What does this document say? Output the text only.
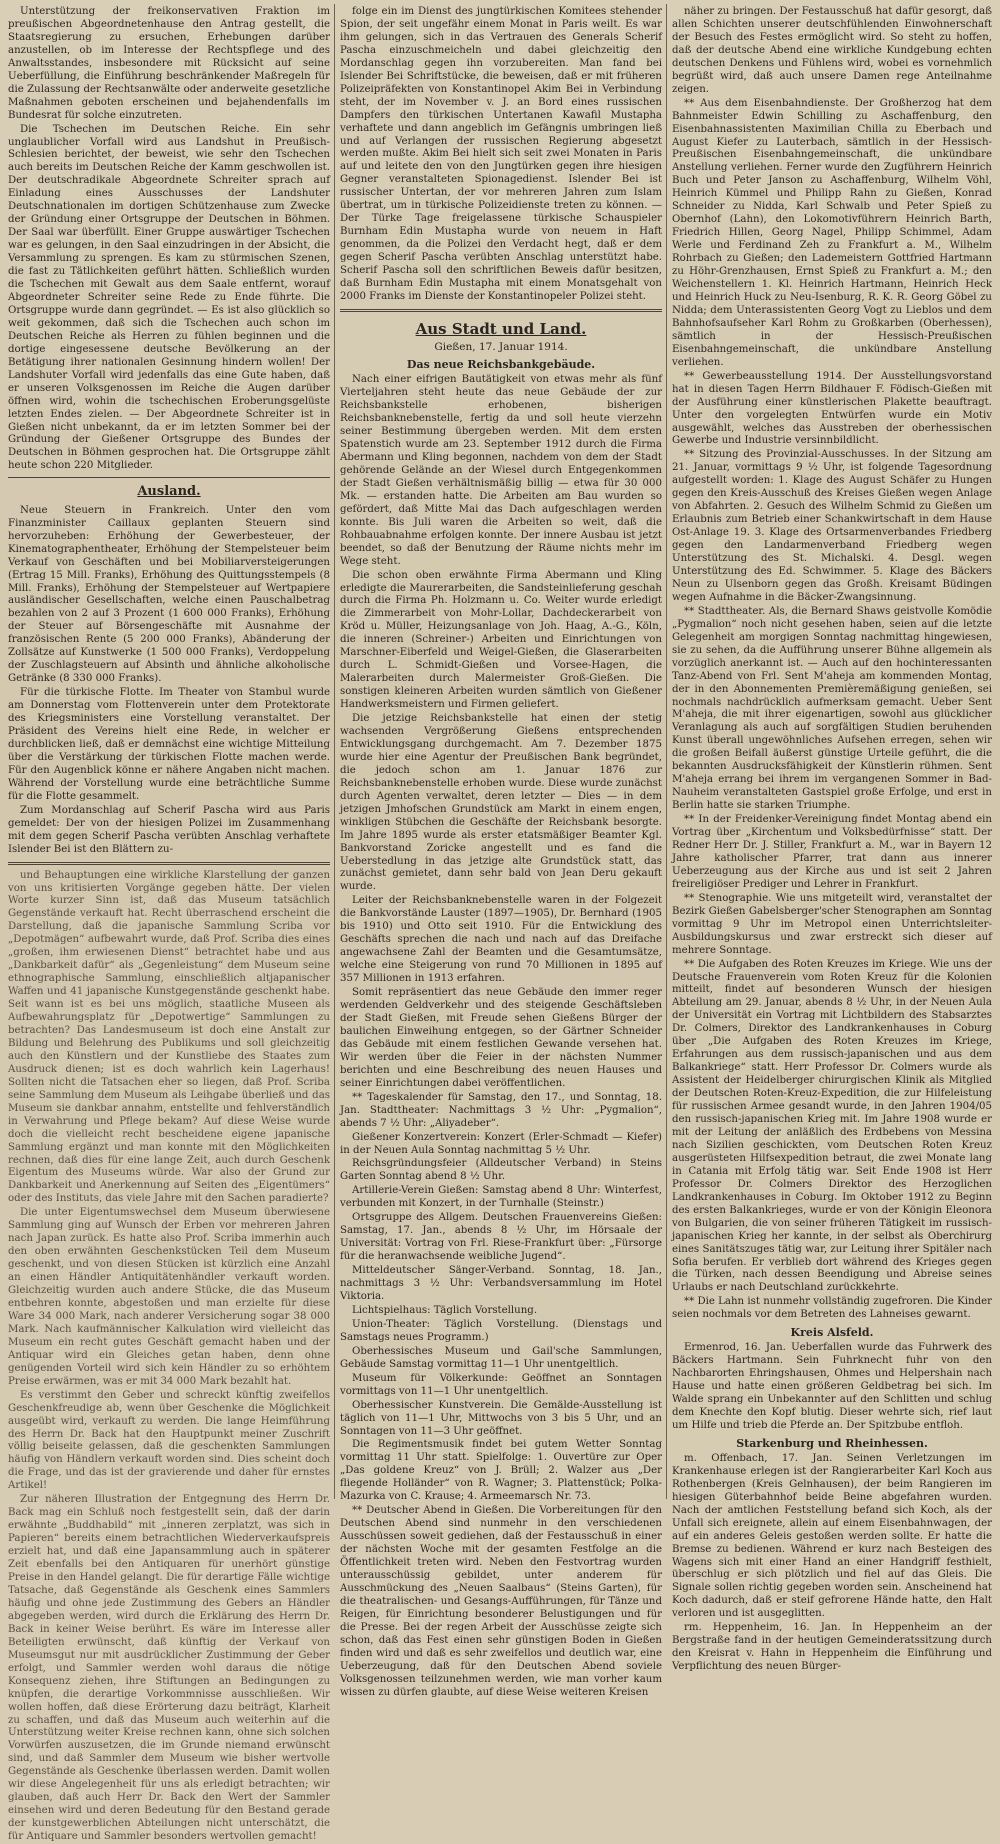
Unterstützung der freikonservativen Fraktion im preußischen Abgeordnetenhause den Antrag gestellt, die Staatsregierung zu ersuchen, Erhebungen darüber anzustellen, ob im Interesse der Rechtspflege und des Anwaltsstandes, insbesondere mit Rücksicht auf seine Ueberfüllung, die Einführung beschränkender Maßregeln für die Zulassung der Rechtsanwälte oder anderweite gesetzliche Maßnahmen geboten erscheinen und bejahendenfalls im Bundesrat für solche einzutreten.

Die Tschechen im Deutschen Reiche. Ein sehr unglaublicher Vorfall wird aus Landshut in Preußisch-Schlesien berichtet, der beweist, wie sehr den Tschechen auch bereits im Deutschen Reiche der Kamm geschwollen ist. Der deutschradikale Abgeordnete Schreiter sprach auf Einladung eines Ausschusses der Landshuter Deutschnationalen im dortigen Schützenhause zum Zwecke der Gründung einer Ortsgruppe der Deutschen in Böhmen. Der Saal war überfüllt. Einer Gruppe auswärtiger Tschechen war es gelungen, in den Saal einzudringen in der Absicht, die Versammlung zu sprengen. Es kam zu stürmischen Szenen, die fast zu Tätlichkeiten geführt hätten. Schließlich wurden die Tschechen mit Gewalt aus dem Saale entfernt, worauf Abgeordneter Schreiter seine Rede zu Ende führte. Die Ortsgruppe wurde dann gegründet. — Es ist also glücklich so weit gekommen, daß sich die Tschechen auch schon im Deutschen Reiche als Herren zu fühlen beginnen und die dortige eingesessene deutsche Bevölkerung an der Betätigung ihrer nationalen Gesinnung hindern wollen! Der Landshuter Vorfall wird jedenfalls das eine Gute haben, daß er unseren Volksgenossen im Reiche die Augen darüber öffnen wird, wohin die tschechischen Eroberungsgelüste letzten Endes zielen. — Der Abgeordnete Schreiter ist in Gießen nicht unbekannt, da er im letzten Sommer bei der Gründung der Gießener Ortsgruppe des Bundes der Deutschen in Böhmen gesprochen hat. Die Ortsgruppe zählt heute schon 220 Mitglieder.

Ausland.

Neue Steuern in Frankreich. Unter den vom Finanzminister Caillaux geplanten Steuern sind hervorzuheben: Erhöhung der Gewerbesteuer, der Kinematographentheater, Erhöhung der Stempelsteuer beim Verkauf von Geschäften und bei Mobiliarversteigerungen (Ertrag 15 Mill. Franks), Erhöhung des Quittungsstempels (8 Mill. Franks), Erhöhung der Stempelsteuer auf Wertpapiere ausländischer Gesellschaften, welche einen Pauschalbetrag bezahlen von 2 auf 3 Prozent (1 600 000 Franks), Erhöhung der Steuer auf Börsengeschäfte mit Ausnahme der französischen Rente (5 200 000 Franks), Abänderung der Zollsätze auf Kunstwerke (1 500 000 Franks), Verdoppelung der Zuschlagsteuern auf Absinth und ähnliche alkoholische Getränke (8 330 000 Franks).

Für die türkische Flotte. Im Theater von Stambul wurde am Donnerstag vom Flottenverein unter dem Protektorate des Kriegsministers eine Vorstellung veranstaltet. Der Präsident des Vereins hielt eine Rede, in welcher er durchblicken ließ, daß er demnächst eine wichtige Mitteilung über die Verstärkung der türkischen Flotte machen werde. Für den Augenblick könne er nähere Angaben nicht machen. Während der Vorstellung wurde eine beträchtliche Summe für die Flotte gesammelt.

Zum Mordanschlag auf Scherif Pascha wird aus Paris gemeldet: Der von der hiesigen Polizei im Zusammenhang mit dem gegen Scherif Pascha verübten Anschlag verhaftete Islender Bei ist den Blättern zu-

und Behauptungen eine wirkliche Klarstellung der ganzen von uns kritisierten Vorgänge gegeben hätte. Der vielen Worte kurzer Sinn ist, daß das Museum tatsächlich Gegenstände verkauft hat. Recht überraschend erscheint die Darstellung, daß die japanische Sammlung Scriba vor „Depotmägen“ aufbewahrt wurde, daß Prof. Scriba dies eines „großen, ihm erwiesenen Dienst“ betrachtet habe und aus „Dankbarkeit dafür“ als „Gegenleistung“ dem Museum seine ethnographische Sammlung, einschließlich altjapanischer Waffen und 41 japanische Kunstgegenstände geschenkt habe. Seit wann ist es bei uns möglich, staatliche Museen als Aufbewahrungsplatz für „Depotwertige“ Sammlungen zu betrachten? Das Landesmuseum ist doch eine Anstalt zur Bildung und Belehrung des Publikums und soll gleichzeitig auch den Künstlern und der Kunstliebe des Staates zum Ausdruck dienen; ist es doch wahrlich kein Lagerhaus! Sollten nicht die Tatsachen eher so liegen, daß Prof. Scriba seine Sammlung dem Museum als Leihgabe überließ und das Museum sie dankbar annahm, entstellte und fehlverständlich in Verwahrung und Pflege bekam? Auf diese Weise wurde doch die vielleicht recht bescheidene eigene japanische Sammlung ergänzt und man konnte mit den Möglichkeiten rechnen, daß dies für eine lange Zeit, auch durch Geschenk Eigentum des Museums würde. War also der Grund zur Dankbarkeit und Anerkennung auf Seiten des „Eigentümers“ oder des Instituts, das viele Jahre mit den Sachen paradierte?

Die unter Eigentumswechsel dem Museum überwiesene Sammlung ging auf Wunsch der Erben vor mehreren Jahren nach Japan zurück. Es hatte also Prof. Scriba immerhin auch den oben erwähnten Geschenkstücken Teil dem Museum geschenkt, und von diesen Stücken ist kürzlich eine Anzahl an einen Händler Antiquitätenhändler verkauft worden. Gleichzeitig wurden auch andere Stücke, die das Museum entbehren konnte, abgestoßen und man erzielte für diese Ware 34 000 Mark, nach anderer Versicherung sogar 38 000 Mark. Nach kaufmännischer Kalkulation wird vielleicht das Museum ein recht gutes Geschäft gemacht haben und der Antiquar wird ein Gleiches getan haben, denn ohne genügenden Vorteil wird sich kein Händler zu so erhöhtem Preise erwärmen, was er mit 34 000 Mark bezahlt hat.

Es verstimmt den Geber und schreckt künftig zweifellos Geschenkfreudige ab, wenn über Geschenke die Möglichkeit ausgeübt wird, verkauft zu werden. Die lange Heimführung des Herrn Dr. Back hat den Hauptpunkt meiner Zuschrift völlig beiseite gelassen, daß die geschenkten Sammlungen häufig von Händlern verkauft worden sind. Dies scheint doch die Frage, und das ist der gravierende und daher für ernstes Artikel!

Zur näheren Illustration der Entgegnung des Herrn Dr. Back mag ein Schluß noch festgestellt sein, daß der darin erwähnte „Buddhabild“ mit „inneren zerplatzt, was sich in Papieren“ bereits einem betrachtlichen Wiederverkaufspreis erzielt hat, und daß eine Japansammlung auch in späterer Zeit ebenfalls bei den Antiquaren für unerhört günstige Preise in den Handel gelangt. Die für derartige Fälle wichtige Tatsache, daß Gegenstände als Geschenk eines Sammlers häufig und ohne jede Zustimmung des Gebers an Händler abgegeben werden, wird durch die Erklärung des Herrn Dr. Back in keiner Weise berührt. Es wäre im Interesse aller Beteiligten erwünscht, daß künftig der Verkauf von Museumsgut nur mit ausdrücklicher Zustimmung der Geber erfolgt, und Sammler werden wohl daraus die nötige Konsequenz ziehen, ihre Stiftungen an Bedingungen zu knüpfen, die derartige Vorkommnisse ausschließen. Wir wollen hoffen, daß diese Erörterung dazu beiträgt, Klarheit zu schaffen, und daß das Museum auch weiterhin auf die Unterstützung weiter Kreise rechnen kann, ohne sich solchen Vorwürfen auszusetzen, die im Grunde niemand erwünscht sind, und daß Sammler dem Museum wie bisher wertvolle Gegenstände als Geschenke überlassen werden. Damit wollen wir diese Angelegenheit für uns als erledigt betrachten; wir glauben, daß auch Herr Dr. Back den Wert der Sammler einsehen wird und deren Bedeutung für den Bestand gerade der kunstgewerblichen Abteilungen nicht unterschätzt, die für Antiquare und Sammler besonders wertvollen gemacht!

folge ein im Dienst des jungtürkischen Komitees stehender Spion, der seit ungefähr einem Monat in Paris weilt. Es war ihm gelungen, sich in das Vertrauen des Generals Scherif Pascha einzuschmeicheln und dabei gleichzeitig den Mordanschlag gegen ihn vorzubereiten. Man fand bei Islender Bei Schriftstücke, die beweisen, daß er mit früheren Polizeipräfekten von Konstantinopel Akim Bei in Verbindung steht, der im November v. J. an Bord eines russischen Dampfers den türkischen Untertanen Kawafil Mustapha verhaftete und dann angeblich im Gefängnis umbringen ließ und auf Verlangen der russischen Regierung abgesetzt werden mußte. Akim Bei hielt sich seit zwei Monaten in Paris auf und leitete den von den Jungtürken gegen ihre hiesigen Gegner veranstalteten Spionagedienst. Islender Bei ist russischer Untertan, der vor mehreren Jahren zum Islam übertrat, um in türkische Polizeidienste treten zu können. — Der Türke Tage freigelassene türkische Schauspieler Burnham Edin Mustapha wurde von neuem in Haft genommen, da die Polizei den Verdacht hegt, daß er dem gegen Scherif Pascha verübten Anschlag unterstützt habe. Scherif Pascha soll den schriftlichen Beweis dafür besitzen, daß Burnham Edin Mustapha mit einem Monatsgehalt von 2000 Franks im Dienste der Konstantinopeler Polizei steht.

Aus Stadt und Land.

Gießen, 17. Januar 1914.

Das neue Reichsbankgebäude.

Nach einer eifrigen Bautätigkeit von etwas mehr als fünf Vierteljahren steht heute das neue Gebäude der zur Reichsbankstelle erhobenen, bisherigen Reichsbanknebenstelle, fertig da und soll heute vierzehn seiner Bestimmung übergeben werden. Mit dem ersten Spatenstich wurde am 23. September 1912 durch die Firma Abermann und Kling begonnen, nachdem von dem der Stadt gehörende Gelände an der Wiesel durch Entgegenkommen der Stadt Gießen verhältnismäßig billig — etwa für 30 000 Mk. — erstanden hatte. Die Arbeiten am Bau wurden so gefördert, daß Mitte Mai das Dach aufgeschlagen werden konnte. Bis Juli waren die Arbeiten so weit, daß die Rohbauabnahme erfolgen konnte. Der innere Ausbau ist jetzt beendet, so daß der Benutzung der Räume nichts mehr im Wege steht.

Die schon oben erwähnte Firma Abermann und Kling erledigte die Maurerarbeiten, die Sandsteinlieferung geschah durch die Firma Ph. Holzmann u. Co. Weiter wurde erledigt die Zimmerarbeit von Mohr-Lollar, Dachdeckerarbeit von Kröd u. Müller, Heizungsanlage von Joh. Haag, A.-G., Köln, die inneren (Schreiner-) Arbeiten und Einrichtungen von Marschner-Eiberfeld und Weigel-Gießen, die Glaserarbeiten durch L. Schmidt-Gießen und Vorsee-Hagen, die Malerarbeiten durch Malermeister Groß-Gießen. Die sonstigen kleineren Arbeiten wurden sämtlich von Gießener Handwerksmeistern und Firmen geliefert.

Die jetzige Reichsbankstelle hat einen der stetig wachsenden Vergrößerung Gießens entsprechenden Entwicklungsgang durchgemacht. Am 7. Dezember 1875 wurde hier eine Agentur der Preußischen Bank begründet, die jedoch schon am 1. Januar 1876 zur Reichsbanknebenstelle erhoben wurde. Diese wurde zunächst durch Agenten verwaltet, deren letzter — Dies — in dem jetzigen Jmhofschen Grundstück am Markt in einem engen, winkligen Stübchen die Geschäfte der Reichsbank besorgte. Im Jahre 1895 wurde als erster etatsmäßiger Beamter Kgl. Bankvorstand Zoricke angestellt und es fand die Ueberstedlung in das jetzige alte Grundstück statt, das zunächst gemietet, dann sehr bald von Jean Deru gekauft wurde.

Leiter der Reichsbanknebenstelle waren in der Folgezeit die Bankvorstände Lauster (1897—1905), Dr. Bernhard (1905 bis 1910) und Otto seit 1910. Für die Entwicklung des Geschäfts sprechen die nach und nach auf das Dreifache angewachsene Zahl der Beamten und die Gesamtumsätze, welche eine Steigerung von rund 70 Millionen in 1895 auf 357 Millionen in 1913 erfahren.

Somit repräsentiert das neue Gebäude den immer reger werdenden Geldverkehr und des steigende Geschäftsleben der Stadt Gießen, mit Freude sehen Gießens Bürger der baulichen Einweihung entgegen, so der Gärtner Schneider das Gebäude mit einem festlichen Gewande versehen hat. Wir werden über die Feier in der nächsten Nummer berichten und eine Beschreibung des neuen Hauses und seiner Einrichtungen dabei veröffentlichen.

** Tageskalender für Samstag, den 17., und Sonntag, 18. Jan. Stadttheater: Nachmittags 3 ½ Uhr: „Pygmalion“, abends 7 ½ Uhr: „Aliyadeber“.

Gießener Konzertverein: Konzert (Erler-Schmadt — Kiefer) in der Neuen Aula Sonntag nachmittag 5 ½ Uhr.

Reichsgründungsfeier (Alldeutscher Verband) in Steins Garten Sonntag abend 8 ½ Uhr.

Artillerie-Verein Gießen: Samstag abend 8 Uhr: Winterfest, verbunden mit Konzert, in der Turnhalle (Steinstr.)

Ortsgruppe des Allgem. Deutschen Frauenvereins Gießen: Samstag, 17. Jan., abends 8 ½ Uhr, im Hörsaale der Universität: Vortrag von Frl. Riese-Frankfurt über: „Fürsorge für die heranwachsende weibliche Jugend“.

Mitteldeutscher Sänger-Verband. Sonntag, 18. Jan., nachmittags 3 ½ Uhr: Verbandsversammlung im Hotel Viktoria.

Lichtspielhaus: Täglich Vorstellung.

Union-Theater: Täglich Vorstellung. (Dienstags und Samstags neues Programm.)

Oberhessisches Museum und Gail'sche Sammlungen, Gebäude Samstag vormittag 11—1 Uhr unentgeltlich.

Museum für Völkerkunde: Geöffnet an Sonntagen vormittags von 11—1 Uhr unentgeltlich.

Oberhessischer Kunstverein. Die Gemälde-Ausstellung ist täglich von 11—1 Uhr, Mittwochs von 3 bis 5 Uhr, und an Sonntagen von 11—3 Uhr geöffnet.

Die Regimentsmusik findet bei gutem Wetter Sonntag vormittag 11 Uhr statt. Spielfolge: 1. Ouvertüre zur Oper „Das goldene Kreuz“ von J. Brüll; 2. Walzer aus „Der fliegende Holländer“ von R. Wagner; 3. Plattenstück; Polka-Mazurka von C. Krause; 4. Armeemarsch Nr. 73.

** Deutscher Abend in Gießen. Die Vorbereitungen für den Deutschen Abend sind nunmehr in den verschiedenen Ausschüssen soweit gediehen, daß der Festausschuß in einer der nächsten Woche mit der gesamten Festfolge an die Öffentlichkeit treten wird. Neben den Festvortrag wurden unterausschüssig gebildet, unter anderem für Ausschmückung des „Neuen Saalbaus“ (Steins Garten), für die theatralischen- und Gesangs-Aufführungen, für Tänze und Reigen, für Einrichtung besonderer Belustigungen und für die Presse. Bei der regen Arbeit der Ausschüsse zeigte sich schon, daß das Fest einen sehr günstigen Boden in Gießen finden wird und daß es sehr zweifellos und deutlich war, eine Ueberzeugung, daß für den Deutschen Abend soviele Volksgenossen teilzunehmen werden, wie man vorher kaum wissen zu dürfen glaubte, auf diese Weise weiteren Kreisen

näher zu bringen. Der Festausschuß hat dafür gesorgt, daß allen Schichten unserer deutschfühlenden Einwohnerschaft der Besuch des Festes ermöglicht wird. So steht zu hoffen, daß der deutsche Abend eine wirkliche Kundgebung echten deutschen Denkens und Fühlens wird, wobei es vornehmlich begrüßt wird, daß auch unsere Damen rege Anteilnahme zeigen.

** Aus dem Eisenbahndienste. Der Großherzog hat dem Bahnmeister Edwin Schilling zu Aschaffenburg, den Eisenbahnassistenten Maximilian Chilla zu Eberbach und August Kiefer zu Lauterbach, sämtlich in der Hessisch-Preußischen Eisenbahngemeinschaft, die unkündbare Anstellung verliehen. Ferner wurde den Zugführern Heinrich Buch und Peter Janson zu Aschaffenburg, Wilhelm Vöhl, Heinrich Kümmel und Philipp Rahn zu Gießen, Konrad Schneider zu Nidda, Karl Schwalb und Peter Spieß zu Obernhof (Lahn), den Lokomotivführern Heinrich Barth, Friedrich Hillen, Georg Nagel, Philipp Schimmel, Adam Werle und Ferdinand Zeh zu Frankfurt a. M., Wilhelm Rohrbach zu Gießen; den Lademeistern Gottfried Hartmann zu Höhr-Grenzhausen, Ernst Spieß zu Frankfurt a. M.; den Weichenstellern 1. Kl. Heinrich Hartmann, Heinrich Heck und Heinrich Huck zu Neu-Isenburg, R. K. R. Georg Göbel zu Nidda; dem Unterassistenten Georg Vogt zu Lieblos und dem Bahnhofsaufseher Karl Rohm zu Großkarben (Oberhessen), sämtlich in der Hessisch-Preußischen Eisenbahngemeinschaft, die unkündbare Anstellung verliehen.

** Gewerbeausstellung 1914. Der Ausstellungsvorstand hat in diesen Tagen Herrn Bildhauer F. Födisch-Gießen mit der Ausführung einer künstlerischen Plakette beauftragt. Unter den vorgelegten Entwürfen wurde ein Motiv ausgewählt, welches das Ausstreben der oberhessischen Gewerbe und Industrie versinnbildlicht.

** Sitzung des Provinzial-Ausschusses. In der Sitzung am 21. Januar, vormittags 9 ½ Uhr, ist folgende Tagesordnung aufgestellt worden: 1. Klage des August Schäfer zu Hungen gegen den Kreis-Ausschuß des Kreises Gießen wegen Anlage von Abfahrten. 2. Gesuch des Wilhelm Schmid zu Gießen um Erlaubnis zum Betrieb einer Schankwirtschaft in dem Hause Ost-Anlage 19. 3. Klage des Ortsarmenverbandes Friedberg gegen den Landarmenverband Friedberg wegen Unterstützung des St. Michalski. 4. Desgl. wegen Unterstützung des Ed. Schwimmer. 5. Klage des Bäckers Neun zu Ulsenborn gegen das Großh. Kreisamt Büdingen wegen Aufnahme in die Bäcker-Zwangsinnung.

** Stadttheater. Als, die Bernard Shaws geistvolle Komödie „Pygmalion“ noch nicht gesehen haben, seien auf die letzte Gelegenheit am morgigen Sonntag nachmittag hingewiesen, sie zu sehen, da die Aufführung unserer Bühne allgemein als vorzüglich anerkannt ist. — Auch auf den hochinteressanten Tanz-Abend von Frl. Sent M'aheja am kommenden Montag, der in den Abonnementen Premièremäßigung genießen, sei nochmals nachdrücklich aufmerksam gemacht. Ueber Sent M'aheja, die mit ihrer eigenartigen, sowohl aus glücklicher Veranlagung als auch auf sorgfältigen Studien beruhenden Kunst überall ungewöhnliches Aufsehen erregen, sehen wir die großen Beifall äußerst günstige Urteile geführt, die die bekannten Ausdrucksfähigkeit der Künstlerin rühmen. Sent M'aheja errang bei ihrem im vergangenen Sommer in Bad-Nauheim veranstalteten Gastspiel große Erfolge, und erst in Berlin hatte sie starken Triumphe.

** In der Freidenker-Vereinigung findet Montag abend ein Vortrag über „Kirchentum und Volksbedürfnisse“ statt. Der Redner Herr Dr. J. Stiller, Frankfurt a. M., war in Bayern 12 Jahre katholischer Pfarrer, trat dann aus innerer Ueberzeugung aus der Kirche aus und ist seit 2 Jahren freireligiöser Prediger und Lehrer in Frankfurt.

** Stenographie. Wie uns mitgeteilt wird, veranstaltet der Bezirk Gießen Gabelsberger'scher Stenographen am Sonntag vormittag 9 Uhr im Metropol einen Unterrichtsleiter-Ausbildungskursus und zwar erstreckt sich dieser auf mehrere Sonntage.

** Die Aufgaben des Roten Kreuzes im Kriege. Wie uns der Deutsche Frauenverein vom Roten Kreuz für die Kolonien mitteilt, findet auf besonderen Wunsch der hiesigen Abteilung am 29. Januar, abends 8 ½ Uhr, in der Neuen Aula der Universität ein Vortrag mit Lichtbildern des Stabsarztes Dr. Colmers, Direktor des Landkrankenhauses in Coburg über „Die Aufgaben des Roten Kreuzes im Kriege, Erfahrungen aus dem russisch-japanischen und aus dem Balkankriege“ statt. Herr Professor Dr. Colmers wurde als Assistent der Heidelberger chirurgischen Klinik als Mitglied der Deutschen Roten-Kreuz-Expedition, die zur Hilfeleistung für russischen Armee gesandt wurde, in den Jahren 1904/05 den russisch-japanischen Krieg mit. Im Jahre 1908 wurde er mit der Leitung der anläßlich des Erdbebens von Messina nach Sizilien geschickten, vom Deutschen Roten Kreuz ausgerüsteten Hilfsexpedition betraut, die zwei Monate lang in Catania mit Erfolg tätig war. Seit Ende 1908 ist Herr Professor Dr. Colmers Direktor des Herzoglichen Landkrankenhauses in Coburg. Im Oktober 1912 zu Beginn des ersten Balkankrieges, wurde er von der Königin Eleonora von Bulgarien, die von seiner früheren Tätigkeit im russisch-japanischen Krieg her kannte, in der selbst als Oberchirurg eines Sanitätszuges tätig war, zur Leitung ihrer Spitäler nach Sofia berufen. Er verblieb dort während des Krieges gegen die Türken, nach dessen Beendigung und Abreise seines Urlaubs er nach Deutschland zurückkehrte.

** Die Lahn ist nunmehr vollständig zugefroren. Die Kinder seien nochmals vor dem Betreten des Lahneises gewarnt.

Kreis Alsfeld.

Ermenrod, 16. Jan. Ueberfallen wurde das Fuhrwerk des Bäckers Hartmann. Sein Fuhrknecht fuhr von den Nachbarorten Ehringshausen, Ohmes und Helpershain nach Hause und hatte einen größeren Geldbetrag bei sich. Im Walde sprang ein Unbekannter auf den Schlitten und schlug dem Knechte den Kopf blutig. Dieser wehrte sich, rief laut um Hilfe und trieb die Pferde an. Der Spitzbube entfloh.

Starkenburg und Rheinhessen.

m. Offenbach, 17. Jan. Seinen Verletzungen im Krankenhause erlegen ist der Rangierarbeiter Karl Koch aus Rothenbergen (Kreis Gelnhausen), der beim Rangieren im hiesigen Güterbahnhof beide Beine abgefahren wurden. Nach der amtlichen Feststellung befand sich Koch, als der Unfall sich ereignete, allein auf einem Eisenbahnwagen, der auf ein anderes Geleis gestoßen werden sollte. Er hatte die Bremse zu bedienen. Während er kurz nach Besteigen des Wagens sich mit einer Hand an einer Handgriff festhielt, überschlug er sich plötzlich und fiel auf das Gleis. Die Signale sollen richtig gegeben worden sein. Anscheinend hat Koch dadurch, daß er steif gefrorene Hände hatte, den Halt verloren und ist ausgeglitten.

rm. Heppenheim, 16. Jan. In Heppenheim an der Bergstraße fand in der heutigen Gemeinderatssitzung durch den Kreisrat v. Hahn in Heppenheim die Einführung und Verpflichtung des neuen Bürger-
